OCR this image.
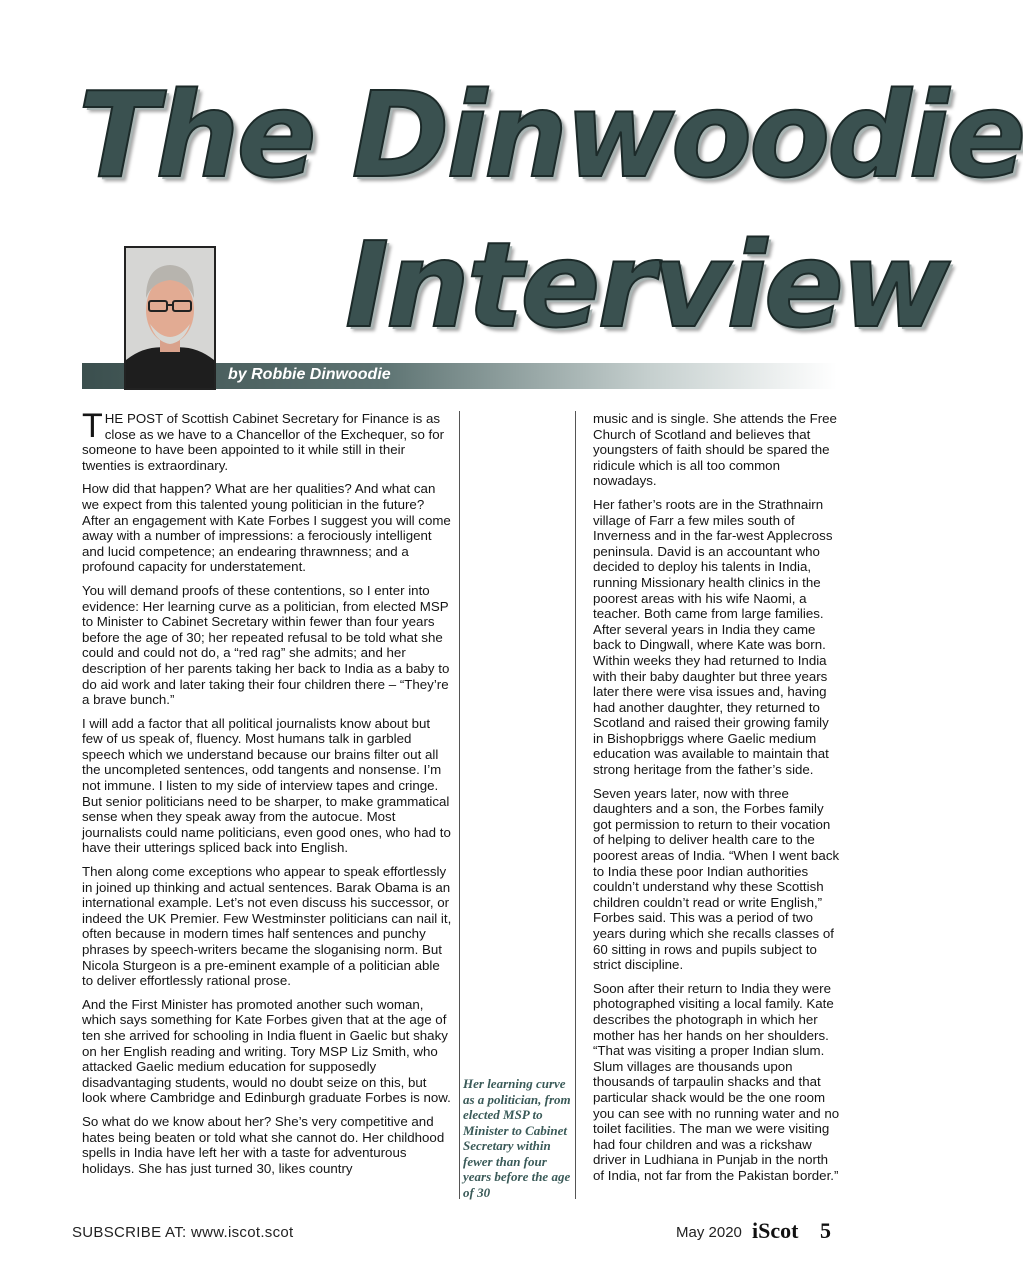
The Dinwoodie
Interview
by Robbie Dinwoodie

THE POST of Scottish Cabinet Secretary for Finance is as close as we have to a Chancellor of the Exchequer, so for someone to have been appointed to it while still in their twenties is extraordinary.

How did that happen? What are her qualities? And what can we expect from this talented young politician in the future? After an engagement with Kate Forbes I suggest you will come away with a number of impressions: a ferociously intelligent and lucid competence; an endearing thrawnness; and a profound capacity for understatement.

You will demand proofs of these contentions, so I enter into evidence: Her learning curve as a politician, from elected MSP to Minister to Cabinet Secretary within fewer than four years before the age of 30; her repeated refusal to be told what she could and could not do, a “red rag” she admits; and her description of her parents taking her back to India as a baby to do aid work and later taking their four children there – “They’re a brave bunch.”

I will add a factor that all political journalists know about but few of us speak of, fluency. Most humans talk in garbled speech which we understand because our brains filter out all the uncompleted sentences, odd tangents and nonsense. I’m not immune. I listen to my side of interview tapes and cringe. But senior politicians need to be sharper, to make grammatical sense when they speak away from the autocue. Most journalists could name politicians, even good ones, who had to have their utterings spliced back into English.

Then along come exceptions who appear to speak effortlessly in joined up thinking and actual sentences. Barak Obama is an international example. Let’s not even discuss his successor, or indeed the UK Premier. Few Westminster politicians can nail it, often because in modern times half sentences and punchy phrases by speech-writers became the sloganising norm. But Nicola Sturgeon is a pre-eminent example of a politician able to deliver effortlessly rational prose.

And the First Minister has promoted another such woman, which says something for Kate Forbes given that at the age of ten she arrived for schooling in India fluent in Gaelic but shaky on her English reading and writing. Tory MSP Liz Smith, who attacked Gaelic medium education for supposedly disadvantaging students, would no doubt seize on this, but look where Cambridge and Edinburgh graduate Forbes is now.

So what do we know about her? She’s very competitive and hates being beaten or told what she cannot do. Her childhood spells in India have left her with a taste for adventurous holidays. She has just turned 30, likes country

Her learning curve as a politician, from elected MSP to Minister to Cabinet Secretary within fewer than four years before the age of 30

music and is single. She attends the Free Church of Scotland and believes that youngsters of faith should be spared the ridicule which is all too common nowadays.

Her father’s roots are in the Strathnairn village of Farr a few miles south of Inverness and in the far-west Applecross peninsula. David is an accountant who decided to deploy his talents in India, running Missionary health clinics in the poorest areas with his wife Naomi, a teacher. Both came from large families. After several years in India they came back to Dingwall, where Kate was born. Within weeks they had returned to India with their baby daughter but three years later there were visa issues and, having had another daughter, they returned to Scotland and raised their growing family in Bishopbriggs where Gaelic medium education was available to maintain that strong heritage from the father’s side.

Seven years later, now with three daughters and a son, the Forbes family got permission to return to their vocation of helping to deliver health care to the poorest areas of India. “When I went back to India these poor Indian authorities couldn’t understand why these Scottish children couldn’t read or write English,” Forbes said. This was a period of two years during which she recalls classes of 60 sitting in rows and pupils subject to strict discipline.

Soon after their return to India they were photographed visiting a local family. Kate describes the photograph in which her mother has her hands on her shoulders. “That was visiting a proper Indian slum. Slum villages are thousands upon thousands of tarpaulin shacks and that particular shack would be the one room you can see with no running water and no toilet facilities. The man we were visiting had four children and was a rickshaw driver in Ludhiana in Punjab in the north of India, not far from the Pakistan border.”

SUBSCRIBE AT: www.iscot.scot	May 2020 iScot 5
